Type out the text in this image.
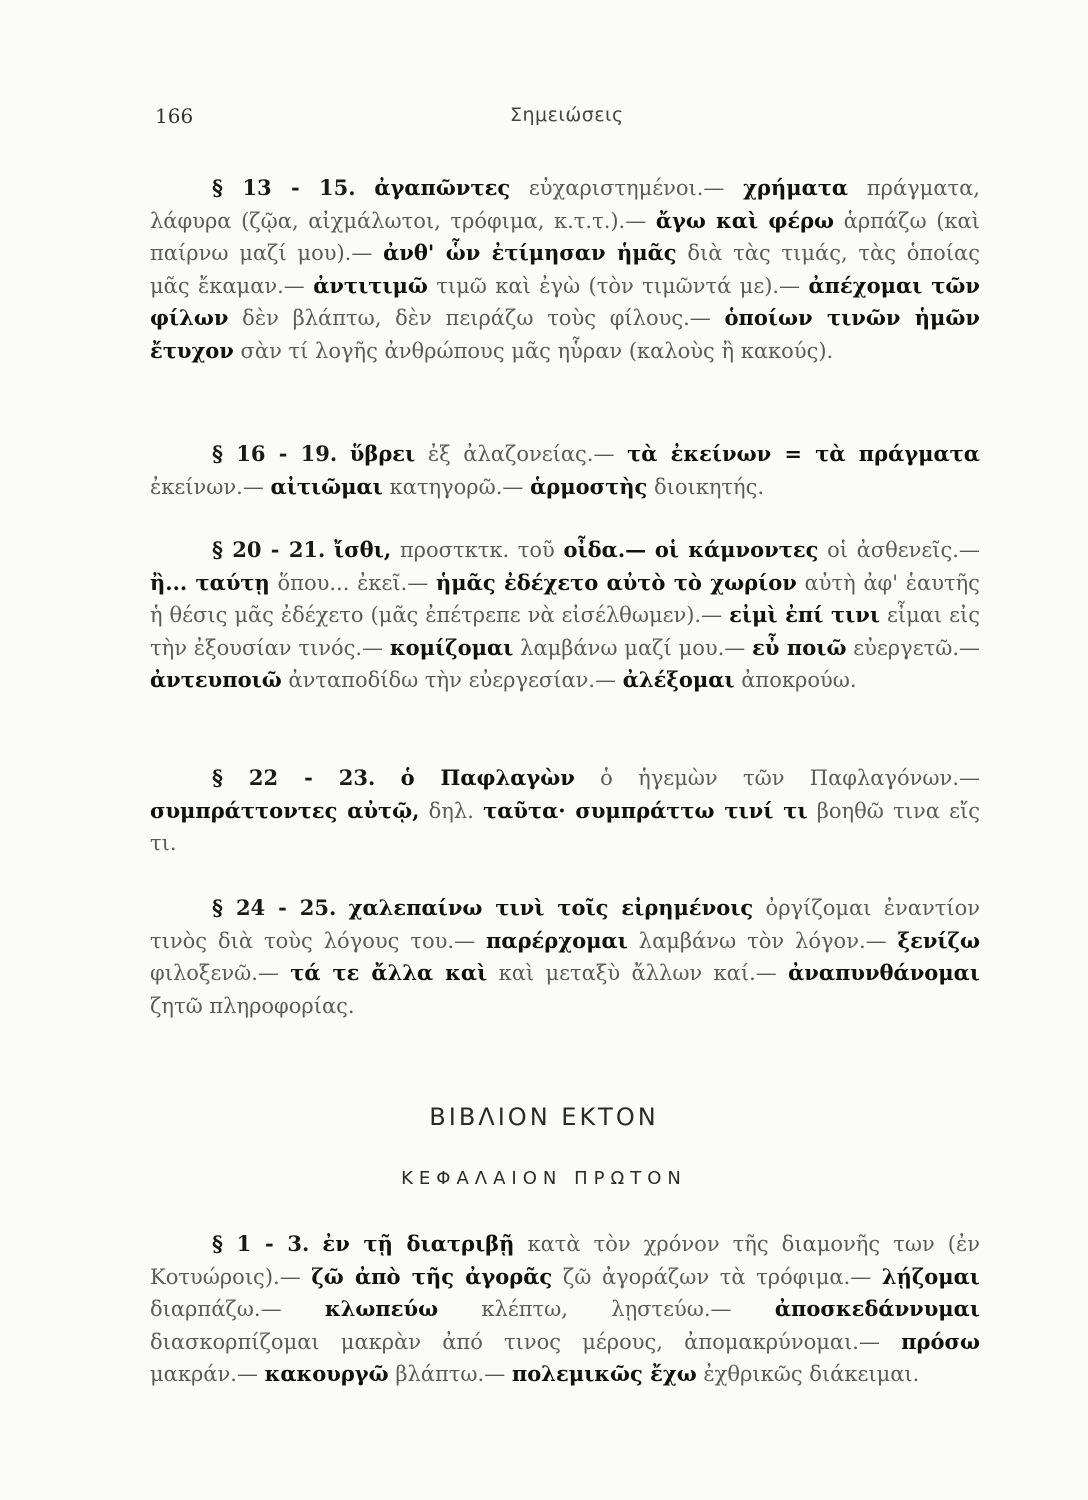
166	Σημειώσεις

§ 13 - 15. ἀγαπῶντες εὐχαριστημένοι.— χρήματα πράγματα, λάφυρα (ζῷα, αἰχμάλωτοι, τρόφιμα, κ.τ.τ.).— ἄγω καὶ φέρω ἁρπάζω (καὶ παίρνω μαζί μου).— ἀνθ' ὧν ἐτίμησαν ἡμᾶς διὰ τὰς τιμάς, τὰς ὁποίας μᾶς ἔκαμαν.— ἀντιτιμῶ τιμῶ καὶ ἐγὼ (τὸν τιμῶντά με).— ἀπέχομαι τῶν φίλων δὲν βλάπτω, δὲν πειράζω τοὺς φίλους.— ὁποίων τινῶν ἡμῶν ἔτυχον σὰν τί λογῆς ἀνθρώπους μᾶς ηὗραν (καλοὺς ἢ κακούς).

§ 16 - 19. ὕβρει ἐξ ἀλαζονείας.— τὰ ἐκείνων = τὰ πράγματα ἐκείνων.— αἰτιῶμαι κατηγορῶ.— ἁρμοστὴς διοικητής.

§ 20 - 21. ἴσθι, προστκτκ. τοῦ οἶδα.— οἱ κάμνοντες οἱ ἀσθενεῖς.— ἢ... ταύτῃ ὅπου... ἐκεῖ.— ἡμᾶς ἐδέχετο αὐτὸ τὸ χωρίον αὐτὴ ἀφ' ἑαυτῆς ἡ θέσις μᾶς ἐδέχετο (μᾶς ἐπέτρεπε νὰ εἰσέλθωμεν).— εἰμὶ ἐπί τινι εἶμαι εἰς τὴν ἐξουσίαν τινός.— κομίζομαι λαμβάνω μαζί μου.— εὖ ποιῶ εὐεργετῶ.— ἀντευποιῶ ἀνταποδίδω τὴν εὐεργεσίαν.— ἀλέξομαι ἀποκρούω.

§ 22 - 23. ὁ Παφλαγὼν ὁ ἡγεμὼν τῶν Παφλαγόνων.— συμπράττοντες αὐτῷ, δηλ. ταῦτα· συμπράττω τινί τι βοηθῶ τινα εἴς τι.

§ 24 - 25. χαλεπαίνω τινὶ τοῖς εἰρημένοις ὀργίζομαι ἐναντίον τινὸς διὰ τοὺς λόγους του.— παρέρχομαι λαμβάνω τὸν λόγον.— ξενίζω φιλοξενῶ.— τά τε ἄλλα καὶ καὶ μεταξὺ ἄλλων καί.— ἀναπυνθάνομαι ζητῶ πληροφορίας.

ΒΙΒΛΙΟΝ ΕΚΤΟΝ
ΚΕΦΑΛΑΙΟΝ ΠΡΩΤΟΝ

§ 1 - 3. ἐν τῇ διατριβῇ κατὰ τὸν χρόνον τῆς διαμονῆς των (ἐν Κοτυώροις).— ζῶ ἀπὸ τῆς ἀγορᾶς ζῶ ἀγοράζων τὰ τρόφιμα.— λῄζομαι διαρπάζω.— κλωπεύω κλέπτω, λῃστεύω.— ἀποσκεδάννυμαι διασκορπίζομαι μακρὰν ἀπό τινος μέρους, ἀπομακρύνομαι.— πρόσω μακράν.— κακουργῶ βλάπτω.— πολεμικῶς ἔχω ἐχθρικῶς διάκειμαι.
